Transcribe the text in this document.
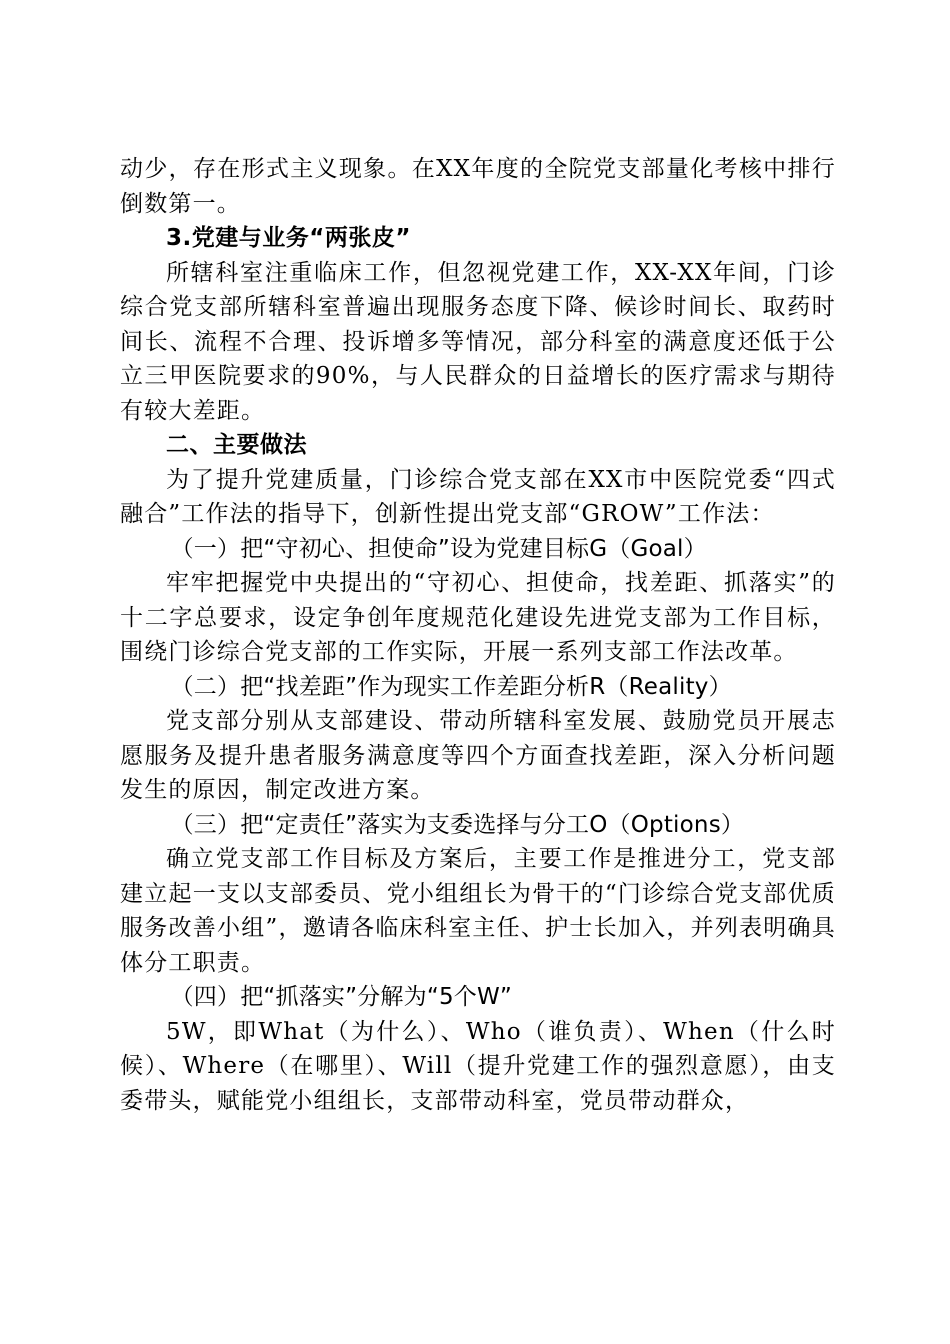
动少，存在形式主义现象。在XX年度的全院党支部量化考核中排行倒数第一。

3.党建与业务“两张皮”

所辖科室注重临床工作，但忽视党建工作，XX-XX年间，门诊综合党支部所辖科室普遍出现服务态度下降、候诊时间长、取药时间长、流程不合理、投诉增多等情况，部分科室的满意度还低于公立三甲医院要求的90%，与人民群众的日益增长的医疗需求与期待有较大差距。

二、主要做法

为了提升党建质量，门诊综合党支部在XX市中医院党委“四式融合”工作法的指导下，创新性提出党支部“GROW”工作法：

（一）把“守初心、担使命”设为党建目标G（Goal）

牢牢把握党中央提出的“守初心、担使命，找差距、抓落实”的十二字总要求，设定争创年度规范化建设先进党支部为工作目标，围绕门诊综合党支部的工作实际，开展一系列支部工作法改革。

（二）把“找差距”作为现实工作差距分析R（Reality）

党支部分别从支部建设、带动所辖科室发展、鼓励党员开展志愿服务及提升患者服务满意度等四个方面查找差距，深入分析问题发生的原因，制定改进方案。

（三）把“定责任”落实为支委选择与分工O（Options）

确立党支部工作目标及方案后，主要工作是推进分工，党支部建立起一支以支部委员、党小组组长为骨干的“门诊综合党支部优质服务改善小组”，邀请各临床科室主任、护士长加入，并列表明确具体分工职责。

（四）把“抓落实”分解为“5个W”

5W，即What（为什么）、Who（谁负责）、When（什么时候）、Where（在哪里）、Will（提升党建工作的强烈意愿），由支委带头，赋能党小组组长，支部带动科室，党员带动群众，
